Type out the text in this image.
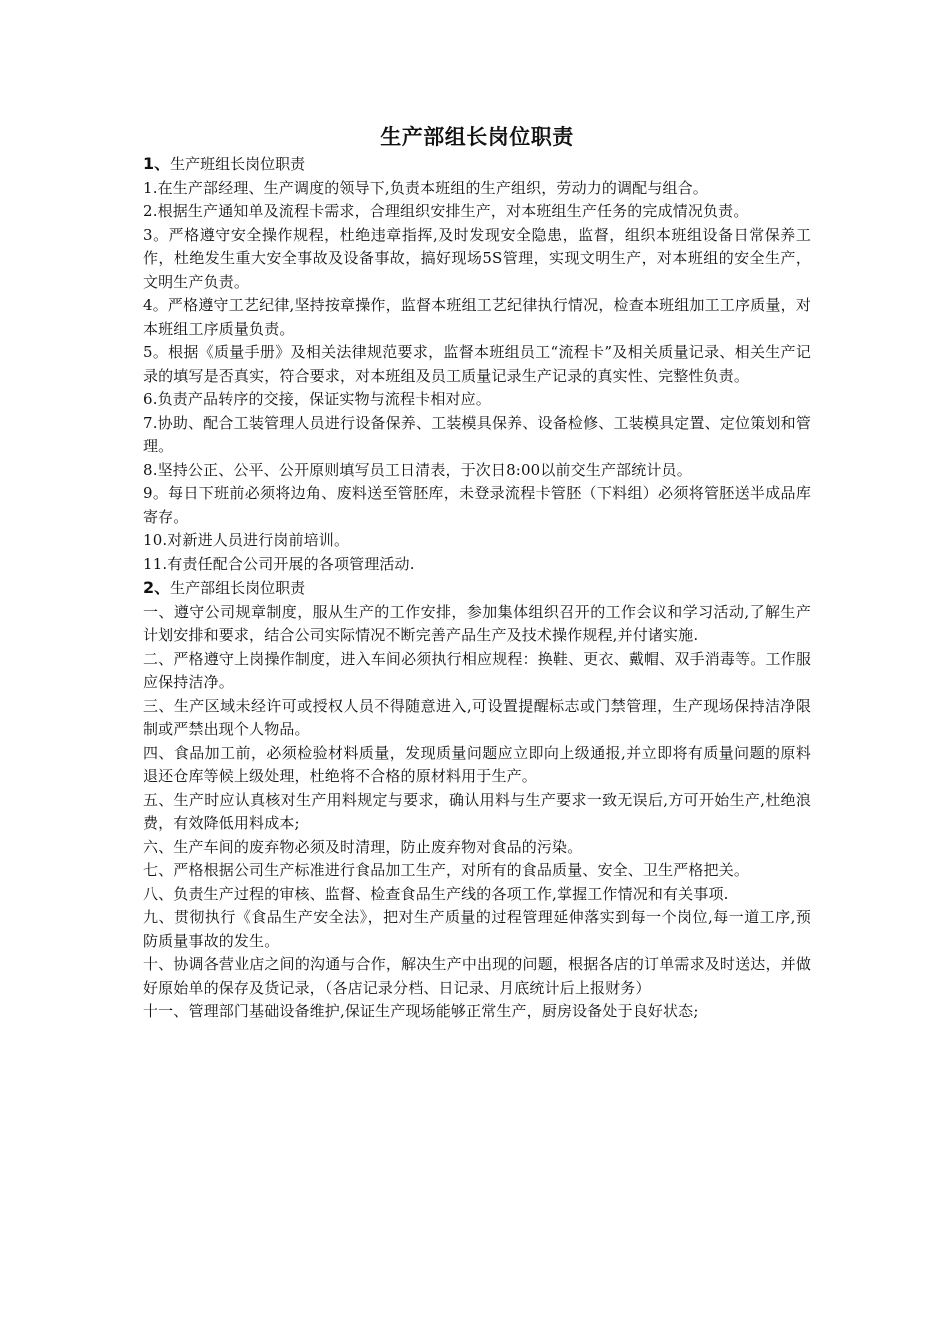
生产部组长岗位职责

1、生产班组长岗位职责

1.在生产部经理、生产调度的领导下,负责本班组的生产组织，劳动力的调配与组合。

2.根据生产通知单及流程卡需求，合理组织安排生产，对本班组生产任务的完成情况负责。

3。严格遵守安全操作规程，杜绝违章指挥,及时发现安全隐患，监督，组织本班组设备日常保养工作，杜绝发生重大安全事故及设备事故，搞好现场5S管理，实现文明生产，对本班组的安全生产，文明生产负责。

4。严格遵守工艺纪律,坚持按章操作，监督本班组工艺纪律执行情况，检查本班组加工工序质量，对本班组工序质量负责。

5。根据《质量手册》及相关法律规范要求，监督本班组员工“流程卡”及相关质量记录、相关生产记录的填写是否真实，符合要求，对本班组及员工质量记录生产记录的真实性、完整性负责。

6.负责产品转序的交接，保证实物与流程卡相对应。

7.协助、配合工装管理人员进行设备保养、工装模具保养、设备检修、工装模具定置、定位策划和管理。

8.坚持公正、公平、公开原则填写员工日清表，于次日8:00以前交生产部统计员。

9。每日下班前必须将边角、废料送至管胚库，未登录流程卡管胚（下料组）必须将管胚送半成品库寄存。

10.对新进人员进行岗前培训。

11.有责任配合公司开展的各项管理活动.

2、生产部组长岗位职责

一、遵守公司规章制度，服从生产的工作安排，参加集体组织召开的工作会议和学习活动,了解生产计划安排和要求，结合公司实际情况不断完善产品生产及技术操作规程,并付诸实施.

二、严格遵守上岗操作制度，进入车间必须执行相应规程：换鞋、更衣、戴帽、双手消毒等。工作服应保持洁净。

三、生产区域未经许可或授权人员不得随意进入,可设置提醒标志或门禁管理，生产现场保持洁净限制或严禁出现个人物品。

四、食品加工前，必须检验材料质量，发现质量问题应立即向上级通报,并立即将有质量问题的原料退还仓库等候上级处理，杜绝将不合格的原材料用于生产。

五、生产时应认真核对生产用料规定与要求，确认用料与生产要求一致无误后,方可开始生产,杜绝浪费，有效降低用料成本;

六、生产车间的废弃物必须及时清理，防止废弃物对食品的污染。

七、严格根据公司生产标准进行食品加工生产，对所有的食品质量、安全、卫生严格把关。

八、负责生产过程的审核、监督、检查食品生产线的各项工作,掌握工作情况和有关事项.

九、贯彻执行《食品生产安全法》，把对生产质量的过程管理延伸落实到每一个岗位,每一道工序,预防质量事故的发生。

十、协调各营业店之间的沟通与合作，解决生产中出现的问题，根据各店的订单需求及时送达，并做好原始单的保存及货记录，（各店记录分档、日记录、月底统计后上报财务）

十一、管理部门基础设备维护,保证生产现场能够正常生产，厨房设备处于良好状态;
